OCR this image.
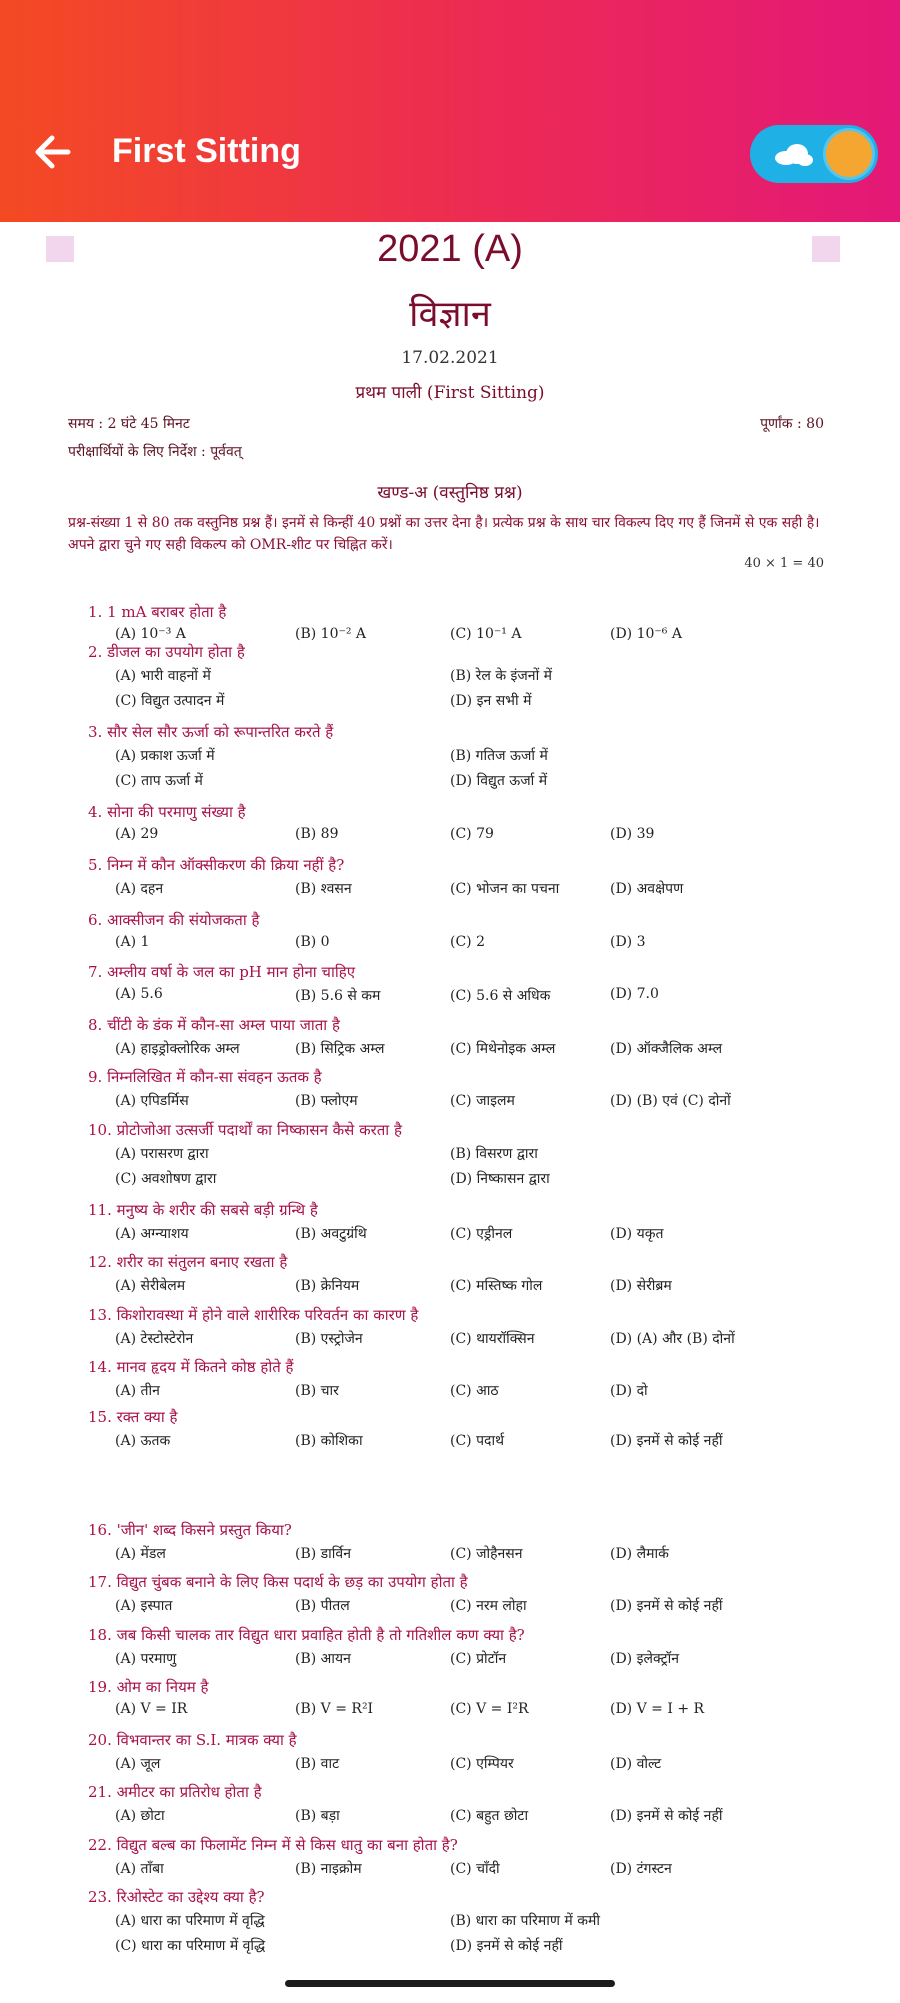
First Sitting
2021 (A)
विज्ञान
17.02.2021
प्रथम पाली (First Sitting)
समय : 2 घंटे 45 मिनट	पूर्णांक : 80
परीक्षार्थियों के लिए निर्देश : पूर्ववत्
खण्ड-अ (वस्तुनिष्ठ प्रश्न)
प्रश्न-संख्या 1 से 80 तक वस्तुनिष्ठ प्रश्न हैं। इनमें से किन्हीं 40 प्रश्नों का उत्तर देना है। प्रत्येक प्रश्न के साथ चार विकल्प दिए गए हैं जिनमें से एक सही है। अपने द्वारा चुने गए सही विकल्प को OMR-शीट पर चिह्नित करें।
40 × 1 = 40
1. 1 mA बराबर होता है
(A) 10⁻³ A	(B) 10⁻² A	(C) 10⁻¹ A	(D) 10⁻⁶ A
2. डीजल का उपयोग होता है
(A) भारी वाहनों में	(B) रेल के इंजनों में
(C) विद्युत उत्पादन में	(D) इन सभी में
3. सौर सेल सौर ऊर्जा को रूपान्तरित करते हैं
(A) प्रकाश ऊर्जा में	(B) गतिज ऊर्जा में
(C) ताप ऊर्जा में	(D) विद्युत ऊर्जा में
4. सोना की परमाणु संख्या है
(A) 29	(B) 89	(C) 79	(D) 39
5. निम्न में कौन ऑक्सीकरण की क्रिया नहीं है?
(A) दहन	(B) श्वसन	(C) भोजन का पचना	(D) अवक्षेपण
6. आक्सीजन की संयोजकता है
(A) 1	(B) 0	(C) 2	(D) 3
7. अम्लीय वर्षा के जल का pH मान होना चाहिए
(A) 5.6	(B) 5.6 से कम	(C) 5.6 से अधिक	(D) 7.0
8. चींटी के डंक में कौन-सा अम्ल पाया जाता है
(A) हाइड्रोक्लोरिक अम्ल	(B) सिट्रिक अम्ल	(C) मिथेनोइक अम्ल	(D) ऑक्जैलिक अम्ल
9. निम्नलिखित में कौन-सा संवहन ऊतक है
(A) एपिडर्मिस	(B) फ्लोएम	(C) जाइलम	(D) (B) एवं (C) दोनों
10. प्रोटोजोआ उत्सर्जी पदार्थों का निष्कासन कैसे करता है
(A) परासरण द्वारा	(B) विसरण द्वारा
(C) अवशोषण द्वारा	(D) निष्कासन द्वारा
11. मनुष्य के शरीर की सबसे बड़ी ग्रन्थि है
(A) अग्न्याशय	(B) अवटुग्रंथि	(C) एड्रीनल	(D) यकृत
12. शरीर का संतुलन बनाए रखता है
(A) सेरीबेलम	(B) क्रेनियम	(C) मस्तिष्क गोल	(D) सेरीब्रम
13. किशोरावस्था में होने वाले शारीरिक परिवर्तन का कारण है
(A) टेस्टोस्टेरोन	(B) एस्ट्रोजेन	(C) थायरॉक्सिन	(D) (A) और (B) दोनों
14. मानव हृदय में कितने कोष्ठ होते हैं
(A) तीन	(B) चार	(C) आठ	(D) दो
15. रक्त क्या है
(A) ऊतक	(B) कोशिका	(C) पदार्थ	(D) इनमें से कोई नहीं
16. 'जीन' शब्द किसने प्रस्तुत किया?
(A) मेंडल	(B) डार्विन	(C) जोहैनसन	(D) लैमार्क
17. विद्युत चुंबक बनाने के लिए किस पदार्थ के छड़ का उपयोग होता है
(A) इस्पात	(B) पीतल	(C) नरम लोहा	(D) इनमें से कोई नहीं
18. जब किसी चालक तार विद्युत धारा प्रवाहित होती है तो गतिशील कण क्या है?
(A) परमाणु	(B) आयन	(C) प्रोटॉन	(D) इलेक्ट्रॉन
19. ओम का नियम है
(A) V = IR	(B) V = R²I	(C) V = I²R	(D) V = I + R
20. विभवान्तर का S.I. मात्रक क्या है
(A) जूल	(B) वाट	(C) एम्पियर	(D) वोल्ट
21. अमीटर का प्रतिरोध होता है
(A) छोटा	(B) बड़ा	(C) बहुत छोटा	(D) इनमें से कोई नहीं
22. विद्युत बल्ब का फिलामेंट निम्न में से किस धातु का बना होता है?
(A) ताँबा	(B) नाइक्रोम	(C) चाँदी	(D) टंगस्टन
23. रिओस्टेट का उद्देश्य क्या है?
(A) धारा का परिमाण में वृद्धि	(B) धारा का परिमाण में कमी
(C) धारा का परिमाण में वृद्धि	(D) इनमें से कोई नहीं
